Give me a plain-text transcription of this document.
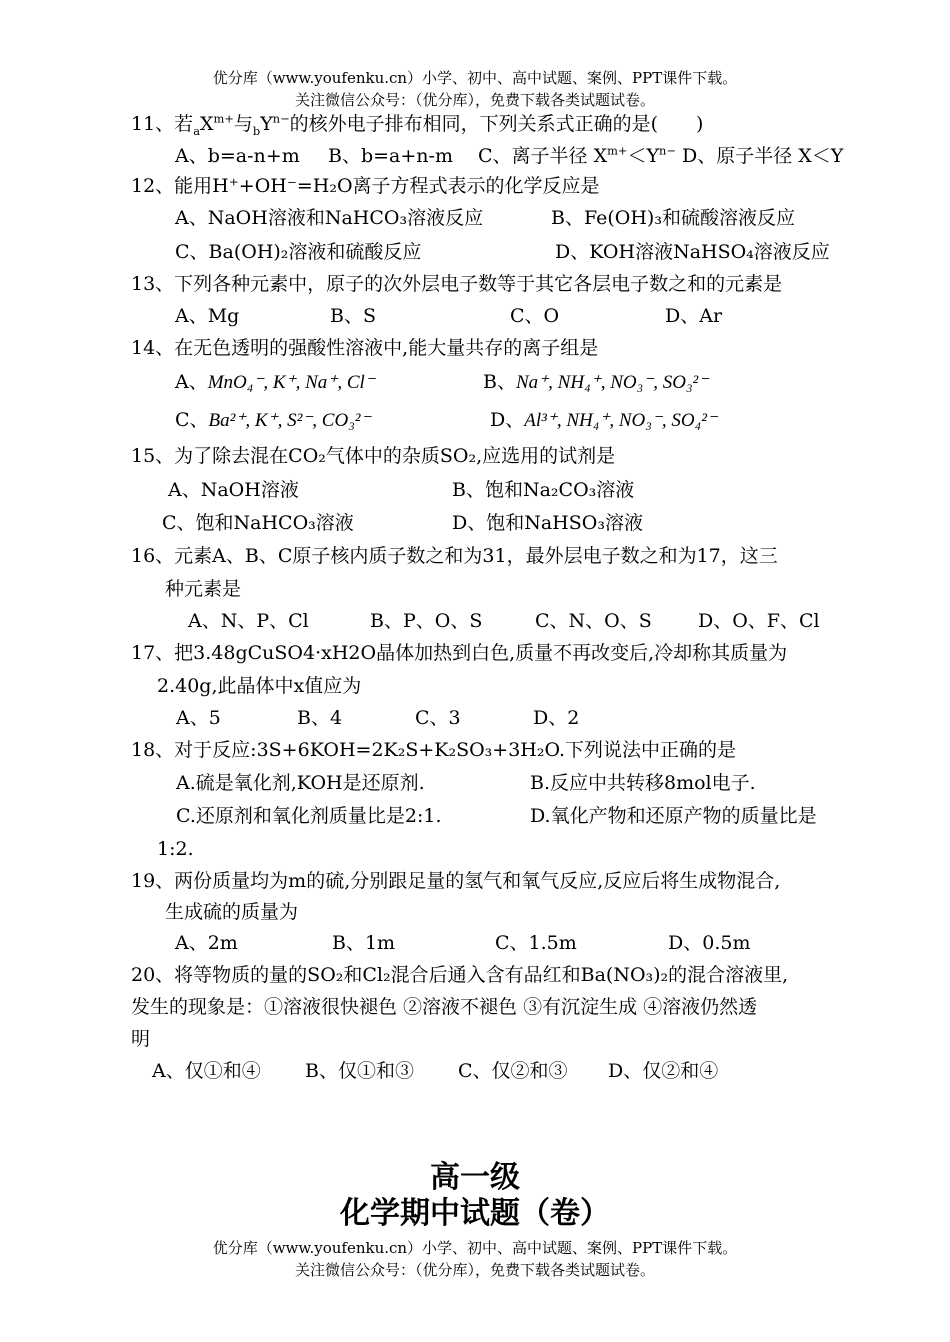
优分库（www.youfenku.cn）小学、初中、高中试题、案例、PPT课件下载。
关注微信公众号：（优分库），免费下载各类试题试卷。
11、若$_aX^{m+}$与$_bY^{n-}$的核外电子排布相同，下列关系式正确的是(　　)
A、b=a-n+m B、b=a+n-m C、离子半径 $X^{m+}<Y^{n-}$ D、原子半径 X＜Y
12、能用H⁺+OH⁻=H₂O离子方程式表示的化学反应是
A、NaOH溶液和NaHCO₃溶液反应	B、Fe(OH)₃和硫酸溶液反应
C、Ba(OH)₂溶液和硫酸反应	D、KOH溶液NaHSO₄溶液反应
13、下列各种元素中，原子的次外层电子数等于其它各层电子数之和的元素是
A、Mg	B、S	C、O	D、Ar
14、在无色透明的强酸性溶液中,能大量共存的离子组是
A、MnO₄⁻, K⁺, Na⁺, Cl⁻	B、Na⁺, NH₄⁺, NO₃⁻, SO₃²⁻
C、Ba²⁺, K⁺, S²⁻, CO₃²⁻	D、Al³⁺, NH₄⁺, NO₃⁻, SO₄²⁻
15、为了除去混在CO₂气体中的杂质SO₂,应选用的试剂是
A、NaOH溶液	B、饱和Na₂CO₃溶液
C、饱和NaHCO₃溶液	D、饱和NaHSO₃溶液
16、元素A、B、C原子核内质子数之和为31，最外层电子数之和为17，这三
种元素是
A、N、P、Cl	B、P、O、S	C、N、O、S D、O、F、Cl
17、把3.48gCuSO4·xH2O晶体加热到白色,质量不再改变后,冷却称其质量为
2.40g,此晶体中x值应为
A、5	B、4	C、3	D、2
18、对于反应:3S+6KOH=2K₂S+K₂SO₃+3H₂O.下列说法中正确的是
A.硫是氧化剂,KOH是还原剂.	B.反应中共转移8mol电子.
C.还原剂和氧化剂质量比是2:1.	D.氧化产物和还原产物的质量比是
1:2.
19、两份质量均为m的硫,分别跟足量的氢气和氧气反应,反应后将生成物混合,
生成硫的质量为
A、2m	B、1m	C、1.5m	D、0.5m
20、将等物质的量的SO₂和Cl₂混合后通入含有品红和Ba(NO₃)₂的混合溶液里,
发生的现象是：①溶液很快褪色 ②溶液不褪色 ③有沉淀生成 ④溶液仍然透
明
A、仅①和④ B、仅①和③ C、仅②和③ D、仅②和④
高一级
化学期中试题（卷）
优分库（www.youfenku.cn）小学、初中、高中试题、案例、PPT课件下载。
关注微信公众号：（优分库），免费下载各类试题试卷。
